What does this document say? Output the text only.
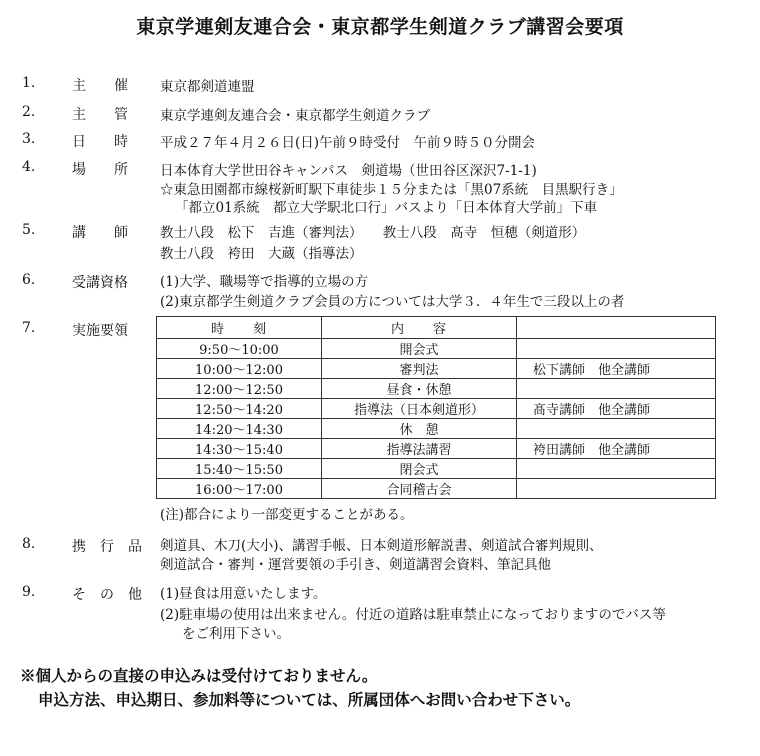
東京学連剣友連合会・東京都学生剣道クラブ講習会要項
1.	主　　催 東京都剣道連盟
2.	主　　管 東京学連剣友連合会・東京都学生剣道クラブ
3.	日　　時 平成２７年４月２６日(日)午前９時受付　午前９時５０分開会
4.	場　　所 日本体育大学世田谷キャンパス　剣道場（世田谷区深沢7-1-1)
☆東急田園都市線桜新町駅下車徒歩１５分または「黒07系統　目黒駅行き」
「都立01系統　都立大学駅北口行」バスより「日本体育大学前」下車
5.	講　　師 教士八段　松下　吉進（審判法）　　教士八段　髙寺　恒穂（剣道形）
教士八段　袴田　大蔵（指導法）
6.	受講資格 (1)大学、職場等で指導的立場の方
(2)東京都学生剣道クラブ会員の方については大学３．４年生で三段以上の者
7.	実施要領	時　　刻	内　　容	
9:50～10:00	開会式	
10:00～12:00	審判法	松下講師　他全講師
12:00～12:50	昼食・休憩	
12:50～14:20	指導法（日本剣道形）	髙寺講師　他全講師
14:20～14:30	休　憩	
14:30～15:40	指導法講習	袴田講師　他全講師
15:40～15:50	閉会式	
16:00～17:00	合同稽古会	
(注)都合により一部変更することがある。
8.	携　行　品 剣道具、木刀(大小)、講習手帳、日本剣道形解説書、剣道試合審判規則、
剣道試合・審判・運営要領の手引き、剣道講習会資料、筆記具他
9.	そ　の　他 (1)昼食は用意いたします。
(2)駐車場の使用は出来ません。付近の道路は駐車禁止になっておりますのでバス等
をご利用下さい。
※個人からの直接の申込みは受付けておりません。
申込方法、申込期日、参加料等については、所属団体へお問い合わせ下さい。
